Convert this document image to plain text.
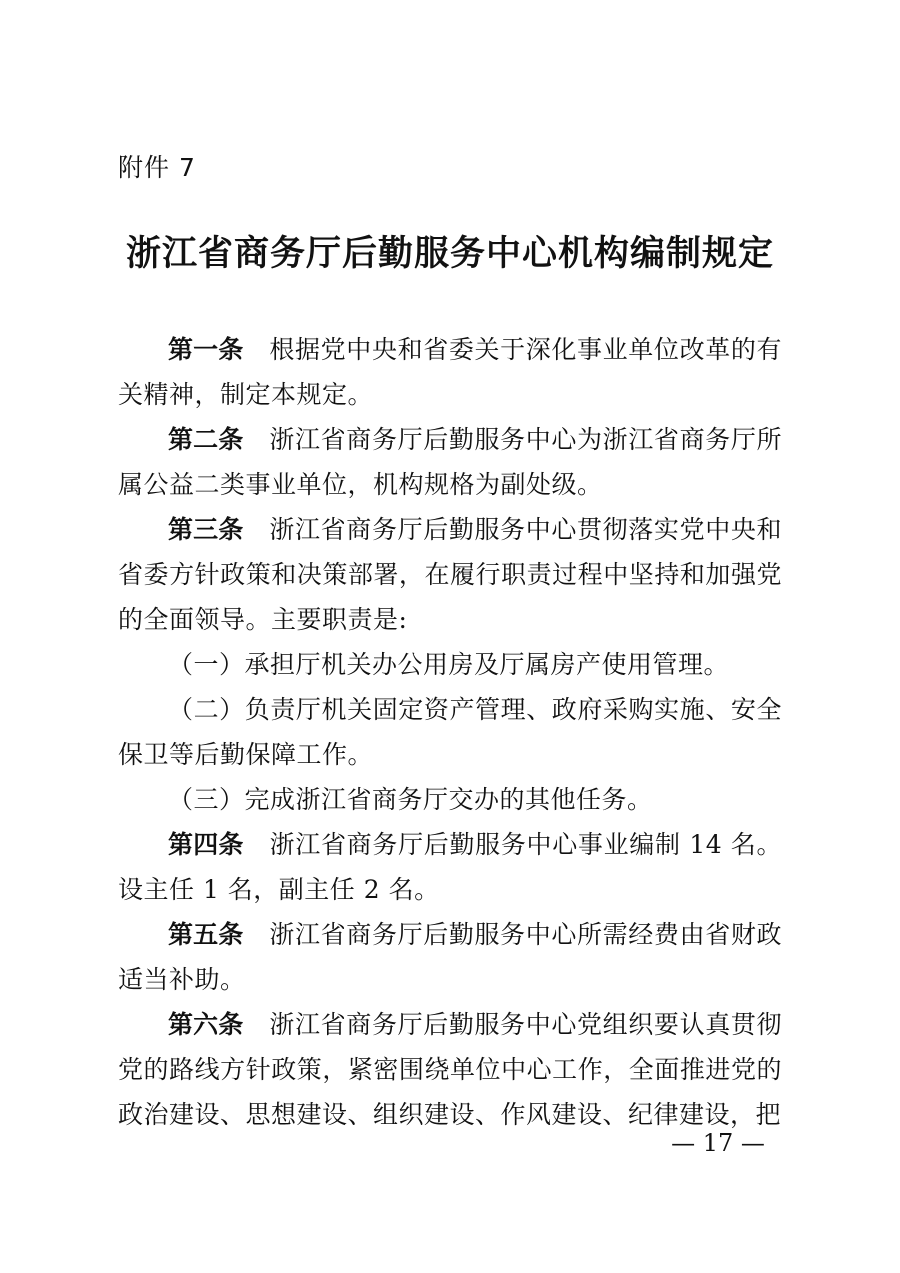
附件 7
浙江省商务厅后勤服务中心机构编制规定

第一条 根据党中央和省委关于深化事业单位改革的有关精神，制定本规定。

第二条 浙江省商务厅后勤服务中心为浙江省商务厅所属公益二类事业单位，机构规格为副处级。

第三条 浙江省商务厅后勤服务中心贯彻落实党中央和省委方针政策和决策部署，在履行职责过程中坚持和加强党的全面领导。主要职责是:

（一）承担厅机关办公用房及厅属房产使用管理。

（二）负责厅机关固定资产管理、政府采购实施、安全保卫等后勤保障工作。

（三）完成浙江省商务厅交办的其他任务。

第四条 浙江省商务厅后勤服务中心事业编制 14 名。设主任 1 名，副主任 2 名。

第五条 浙江省商务厅后勤服务中心所需经费由省财政适当补助。

第六条 浙江省商务厅后勤服务中心党组织要认真贯彻党的路线方针政策，紧密围绕单位中心工作，全面推进党的政治建设、思想建设、组织建设、作风建设、纪律建设，把

— 17 —
